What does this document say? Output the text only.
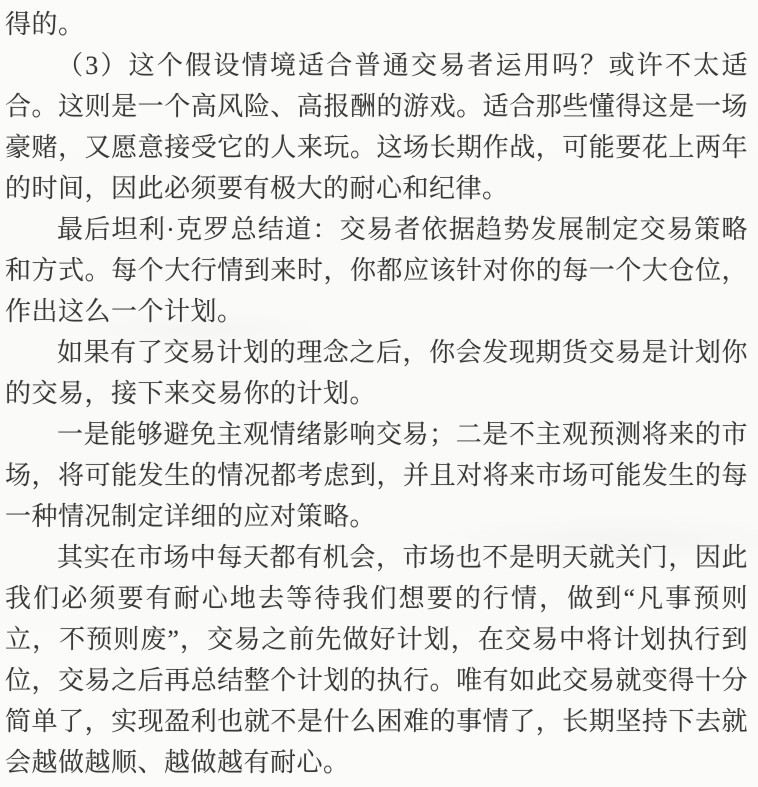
得的。

（3）这个假设情境适合普通交易者运用吗？或许不太适合。这则是一个高风险、高报酬的游戏。适合那些懂得这是一场豪赌，又愿意接受它的人来玩。这场长期作战，可能要花上两年的时间，因此必须要有极大的耐心和纪律。

最后坦利·克罗总结道：交易者依据趋势发展制定交易策略和方式。每个大行情到来时，你都应该针对你的每一个大仓位，作出这么一个计划。

如果有了交易计划的理念之后，你会发现期货交易是计划你的交易，接下来交易你的计划。

一是能够避免主观情绪影响交易；二是不主观预测将来的市场，将可能发生的情况都考虑到，并且对将来市场可能发生的每一种情况制定详细的应对策略。

其实在市场中每天都有机会，市场也不是明天就关门，因此我们必须要有耐心地去等待我们想要的行情，做到“凡事预则立，不预则废”，交易之前先做好计划，在交易中将计划执行到位，交易之后再总结整个计划的执行。唯有如此交易就变得十分简单了，实现盈利也就不是什么困难的事情了，长期坚持下去就会越做越顺、越做越有耐心。
